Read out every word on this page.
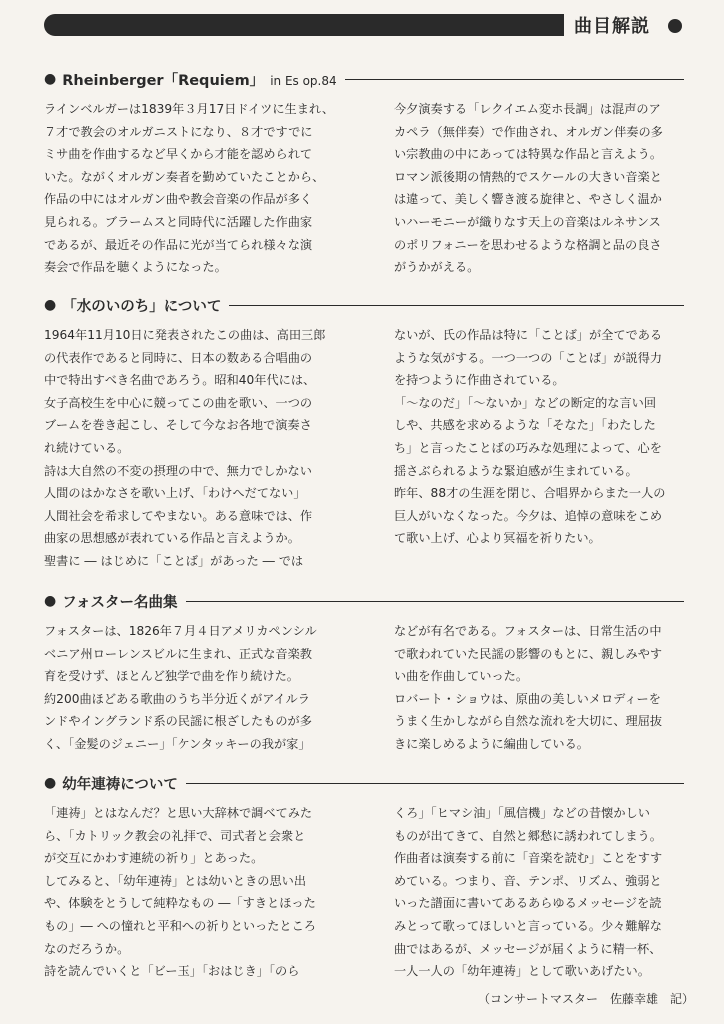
曲目解説
● Rheinberger「Requiem」 in Es op.84

ラインベルガーは1839年３月17日ドイツに生まれ、

７才で教会のオルガニストになり、８才ですでに

ミサ曲を作曲するなど早くから才能を認められて

いた。ながくオルガン奏者を勤めていたことから、

作品の中にはオルガン曲や教会音楽の作品が多く

見られる。ブラームスと同時代に活躍した作曲家

であるが、最近その作品に光が当てられ様々な演

奏会で作品を聴くようになった。

今夕演奏する「レクイエム変ホ長調」は混声のア

カペラ（無伴奏）で作曲され、オルガン伴奏の多

い宗教曲の中にあっては特異な作品と言えよう。

ロマン派後期の情熱的でスケールの大きい音楽と

は違って、美しく響き渡る旋律と、やさしく温か

いハーモニーが織りなす天上の音楽はルネサンス

のポリフォニーを思わせるような格調と品の良さ

がうかがえる。

● 「水のいのち」について

1964年11月10日に発表されたこの曲は、高田三郎

の代表作であると同時に、日本の数ある合唱曲の

中で特出すべき名曲であろう。昭和40年代には、

女子高校生を中心に競ってこの曲を歌い、一つの

ブームを巻き起こし、そして今なお各地で演奏さ

れ続けている。

詩は大自然の不変の摂理の中で、無力でしかない

人間のはかなさを歌い上げ、「わけへだてない」

人間社会を希求してやまない。ある意味では、作

曲家の思想感が表れている作品と言えようか。

聖書に ― はじめに「ことば」があった ― では

ないが、氏の作品は特に「ことば」が全てである

ような気がする。一つ一つの「ことば」が説得力

を持つように作曲されている。

「～なのだ」「～ないか」などの断定的な言い回

しや、共感を求めるような「そなた」「わたした

ち」と言ったことばの巧みな処理によって、心を

揺さぶられるような緊迫感が生まれている。

昨年、88才の生涯を閉じ、合唱界からまた一人の

巨人がいなくなった。今夕は、追悼の意味をこめ

て歌い上げ、心より冥福を祈りたい。

● フォスター名曲集

フォスターは、1826年７月４日アメリカペンシル

ベニア州ローレンスビルに生まれ、正式な音楽教

育を受けず、ほとんど独学で曲を作り続けた。

約200曲ほどある歌曲のうち半分近くがアイルラ

ンドやイングランド系の民謡に根ざしたものが多

く、「金髪のジェニー」「ケンタッキーの我が家」

などが有名である。フォスターは、日常生活の中

で歌われていた民謡の影響のもとに、親しみやす

い曲を作曲していった。

ロバート・ショウは、原曲の美しいメロディーを

うまく生かしながら自然な流れを大切に、理屈抜

きに楽しめるように編曲している。

● 幼年連祷について

「連祷」とはなんだ？と思い大辞林で調べてみた

ら、「カトリック教会の礼拝で、司式者と会衆と

が交互にかわす連続の祈り」とあった。

してみると、「幼年連祷」とは幼いときの思い出

や、体験をとうして純粋なもの ―「すきとほった

もの」― への憧れと平和への祈りといったところ

なのだろうか。

詩を読んでいくと「ビー玉」「おはじき」「のら

くろ」「ヒマシ油」「風信機」などの昔懐かしい

ものが出てきて、自然と郷愁に誘われてしまう。

作曲者は演奏する前に「音楽を読む」ことをすす

めている。つまり、音、テンポ、リズム、強弱と

いった譜面に書いてあるあらゆるメッセージを読

みとって歌ってほしいと言っている。少々難解な

曲ではあるが、メッセージが届くように精一杯、

一人一人の「幼年連祷」として歌いあげたい。

（コンサートマスター　佐藤幸雄　記）
